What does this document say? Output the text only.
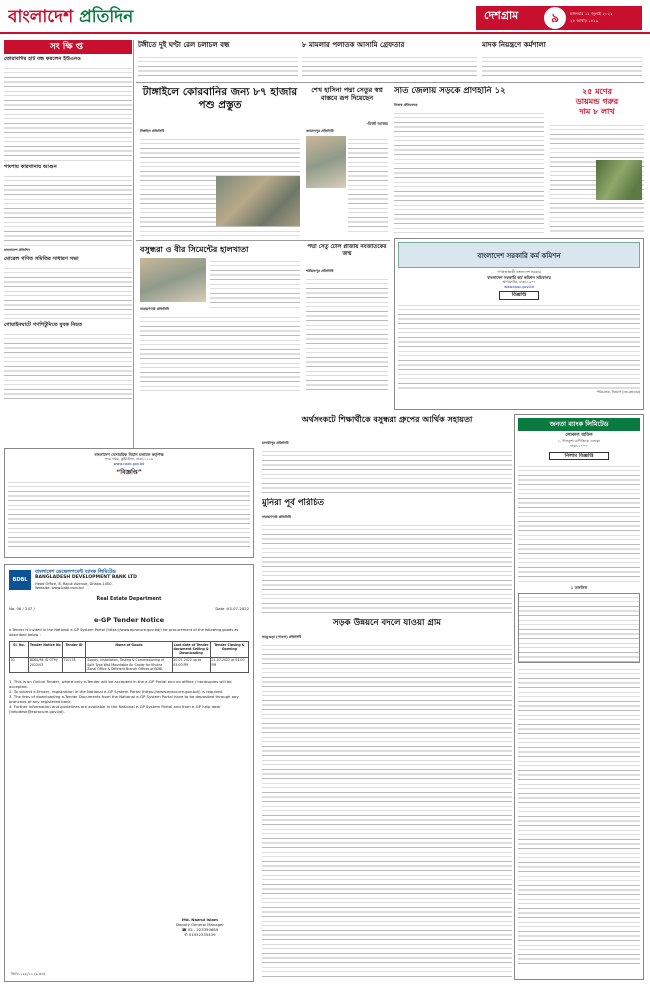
বাংলাদেশ প্রতিদিন	দেশগ্রাম	৯	মঙ্গলবার ১২ জুলাই ২০২২
২৮ আষাঢ় ১৪২৯
সংক্ষিপ্ত
তোরাবগির হাট বন্ধ করলেন ইউএনও
পাংশায় কারখানায় আগুন
বাংলাদেশ প্রতিদিন
মোরেল গণিত সমিতির সাধারণ সভা
গোয়াইনঘাটে গণপিটুনিতে যুবক নিহত
টঙ্গীতে দুই ঘণ্টা রেল চলাচল বন্ধ	৮ মামলার পলাতক আসামি গ্রেফতার	মাদক নিয়ন্ত্রণে কর্মশালা
টাঙ্গাইলে কোরবানির জন্য ৮৭ হাজার পশু প্রস্তুত
টাঙ্গাইল প্রতিনিধি
শেখ হাসিনা পদ্মা সেতুর স্বপ্ন বাস্তবে রূপ দিয়েছেন
-মির্জা আজম
জামালপুর প্রতিনিধি
সাত জেলায় সড়কে প্রাণহানি ১২
নিজস্ব প্রতিবেদক
২৫ মণের
ডায়মন্ড গরুর
দাম ৮ লাখ
বসুন্ধরা ও বীর সিমেন্টের হালখাতা
নারায়ণগঞ্জ প্রতিনিধি
পদ্মা সেতু টোল প্লাজায় নবজাতকের জন্ম
শরীয়তপুর প্রতিনিধি
বাংলাদেশ সরকারি কর্ম কমিশন
গণপ্রজাতন্ত্রী বাংলাদেশ সরকার
বাংলাদেশ সরকারি কর্ম কমিশন সচিবালয়
আগারগাঁও, ঢাকা-১২০৭
www.bpsc.gov.bd
বিজ্ঞপ্তি
পরিচালক, নিয়োগ (নন-ক্যাডার)
বাংলাদেশ বেসামরিক বিমান চলাচল কর্তৃপক্ষ
সদর দপ্তর, কুর্মিটোলা, ঢাকা-১২২৯
www.caab.gov.bd
“বিজ্ঞপ্তি”
BDBL
বাংলাদেশ ডেভেলপমেন্ট ব্যাংক লিমিটেড
BANGLADESH DEVELOPMENT BANK LTD
Head Office, 8, Rajuk Avenue, Dhaka-1000.
Website: www.bdbl.com.bd
Real Estate Department
No. 06 / 247 /	Date :03-07-2022
e-GP Tender Notice
e-Tender is invited in the National e-GP System Portal (https://www.eprocure.gov.bd/) for procurement of the following goods as described below :
Sl. No.	Tender Notice No	Tender ID	Name of Goods	Last date of Tender document Selling & Downloading	Tender Closing & Opening
01	BDBL/RE /D OTM/ 2022/03	710178	Supply, Installation, Testing & Commissioning of Split Type Wall Mountable Air Cooler for Khulna Zonal Office & Different Branch Offices of BDBL	20-07-2022 up to 05:00 PM	21-07-2022 at 04:00 PM
1. This is an Online Tender, where only e-Tender will be accepted in the e-GP Portal and no offline / hardcopies will be accepted.
2. To submit e-Tender, registration in the National e-GP System Portal (https://www.eprocure.gov.bd/) is required.
3. The fees of downloading e-Tender Documents from the National e-GP System Portal have to be deposited through any branches of any registered bank.
4. Further information and guidelines are available in the National e-GP System Portal and from e-GP help desk (helpdesk@eprocure.gov.bd).
Md. Nazrul Islam
Deputy General Manager
☎ 02 - 223350689
✆ 01552335439
জিডি-১৯৮/২২ (৯ x৩)
অর্থসংকটে শিক্ষার্থীকে বসুন্ধরা গ্রুপের আর্থিক সহায়তা
মাদারীপুর প্রতিনিধি
মুনিরা পূর্ব পরিচিত
নারায়ণগঞ্জ প্রতিনিধি
জনতা ব্যাংক লিমিটেড
লোকাল অফিস
১, দিলকুশা বাণিজ্যিক এলাকা
ঢাকা-১০০০
নিলাম বিজ্ঞপ্তি
১ তফসিল
সড়ক উন্নয়নে বদলে যাওয়া গ্রাম
ভাঙ্গুড়া (পাবনা) প্রতিনিধি
